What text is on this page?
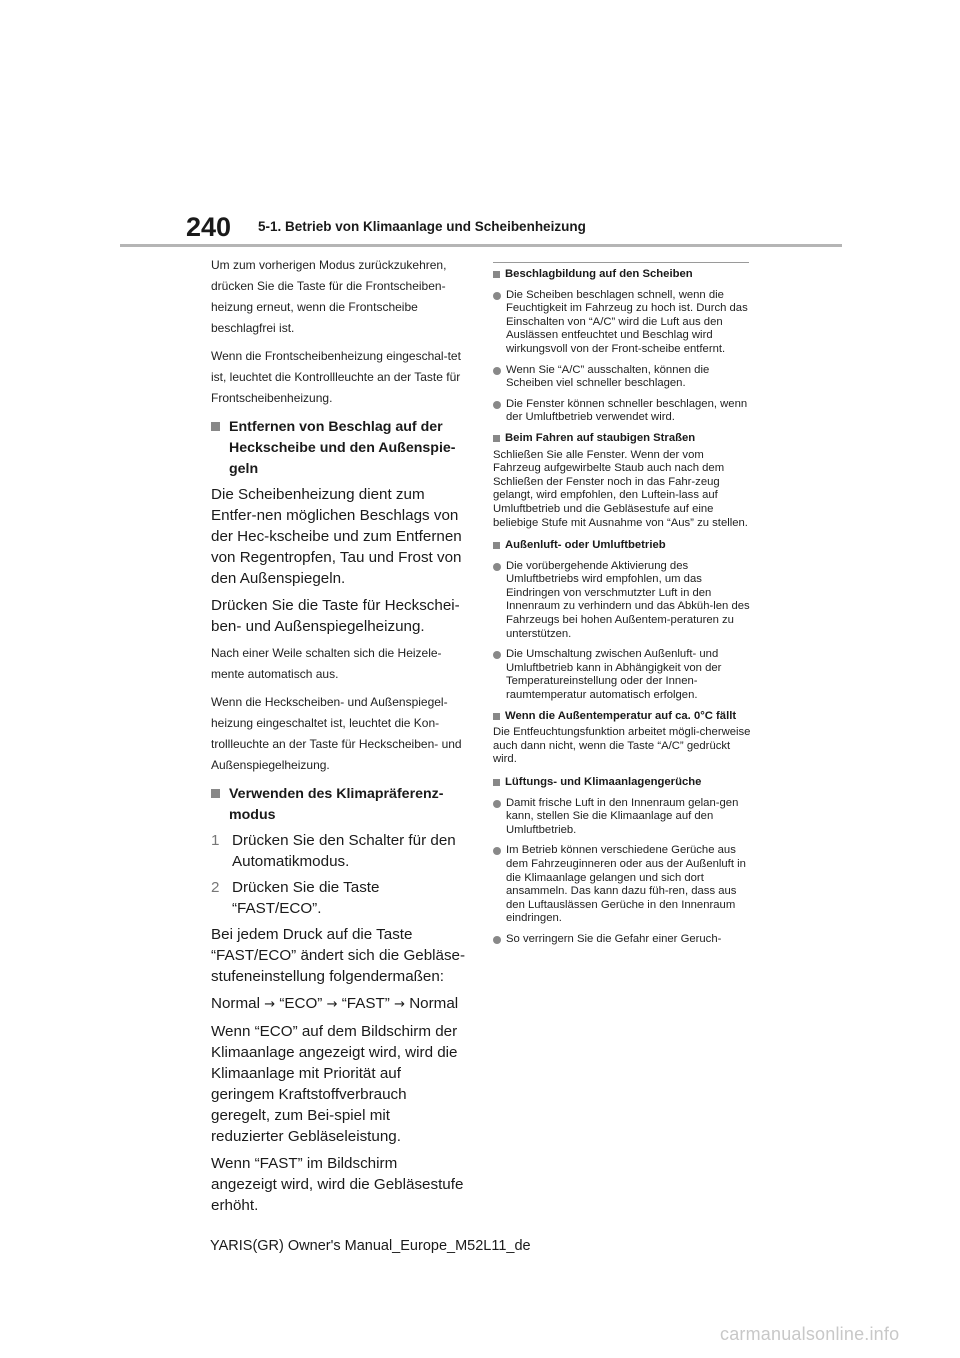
240 5-1. Betrieb von Klimaanlage und Scheibenheizung

Um zum vorherigen Modus zurückzukehren, drücken Sie die Taste für die Frontscheiben-heizung erneut, wenn die Frontscheibe beschlagfrei ist.

Wenn die Frontscheibenheizung eingeschal-tet ist, leuchtet die Kontrollleuchte an der Taste für Frontscheibenheizung.

Entfernen von Beschlag auf der Heckscheibe und den Außenspie-geln

Die Scheibenheizung dient zum Entfer-nen möglichen Beschlags von der Hec-kscheibe und zum Entfernen von Regentropfen, Tau und Frost von den Außenspiegeln.

Drücken Sie die Taste für Heckschei-ben- und Außenspiegelheizung.

Nach einer Weile schalten sich die Heizele-mente automatisch aus.

Wenn die Heckscheiben- und Außenspiegel-heizung eingeschaltet ist, leuchtet die Kon-trollleuchte an der Taste für Heckscheiben- und Außenspiegelheizung.

Verwenden des Klimapräferenz-modus
1 Drücken Sie den Schalter für den Automatikmodus.
2 Drücken Sie die Taste “FAST/ECO”.

Bei jedem Druck auf die Taste “FAST/ECO” ändert sich die Gebläse-stufeneinstellung folgendermaßen:

Normal → “ECO” → “FAST” → Normal

Wenn “ECO” auf dem Bildschirm der Klimaanlage angezeigt wird, wird die Klimaanlage mit Priorität auf geringem Kraftstoffverbrauch geregelt, zum Bei-spiel mit reduzierter Gebläseleistung.

Wenn “FAST” im Bildschirm angezeigt wird, wird die Gebläsestufe erhöht.

Beschlagbildung auf den Scheiben
Die Scheiben beschlagen schnell, wenn die Feuchtigkeit im Fahrzeug zu hoch ist. Durch das Einschalten von “A/C” wird die Luft aus den Auslässen entfeuchtet und Beschlag wird wirkungsvoll von der Front-scheibe entfernt.
Wenn Sie “A/C” ausschalten, können die Scheiben viel schneller beschlagen.
Die Fenster können schneller beschlagen, wenn der Umluftbetrieb verwendet wird.
Beim Fahren auf staubigen Straßen

Schließen Sie alle Fenster. Wenn der vom Fahrzeug aufgewirbelte Staub auch nach dem Schließen der Fenster noch in das Fahr-zeug gelangt, wird empfohlen, den Luftein-lass auf Umluftbetrieb und die Gebläsestufe auf eine beliebige Stufe mit Ausnahme von “Aus” zu stellen.

Außenluft- oder Umluftbetrieb
Die vorübergehende Aktivierung des Umluftbetriebs wird empfohlen, um das Eindringen von verschmutzter Luft in den Innenraum zu verhindern und das Abküh-len des Fahrzeugs bei hohen Außentem-peraturen zu unterstützen.
Die Umschaltung zwischen Außenluft- und Umluftbetrieb kann in Abhängigkeit von der Temperatureinstellung oder der Innen-raumtemperatur automatisch erfolgen.
Wenn die Außentemperatur auf ca. 0°C fällt

Die Entfeuchtungsfunktion arbeitet mögli-cherweise auch dann nicht, wenn die Taste “A/C” gedrückt wird.

Lüftungs- und Klimaanlagengerüche
Damit frische Luft in den Innenraum gelan-gen kann, stellen Sie die Klimaanlage auf den Umluftbetrieb.
Im Betrieb können verschiedene Gerüche aus dem Fahrzeuginneren oder aus der Außenluft in die Klimaanlage gelangen und sich dort ansammeln. Das kann dazu füh-ren, dass aus den Luftauslässen Gerüche in den Innenraum eindringen.
So verringern Sie die Gefahr einer Geruch-
YARIS(GR) Owner's Manual_Europe_M52L11_de
carmanualsonline.info
